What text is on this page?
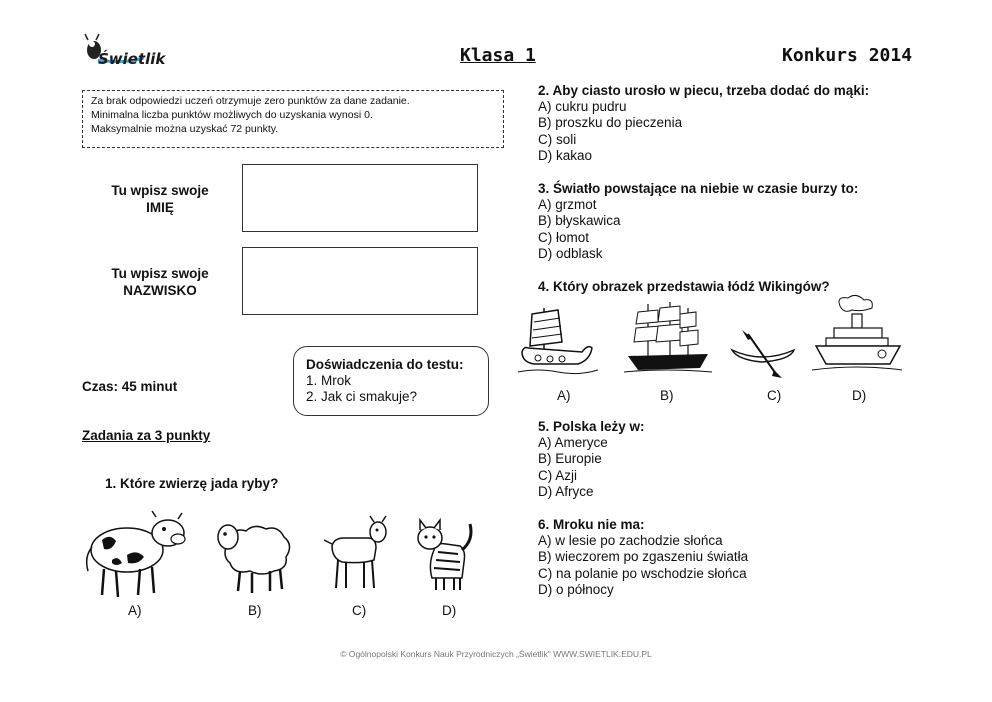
Świetlik	Klasa 1	Konkurs 2014
Za brak odpowiedzi uczeń otrzymuje zero punktów za dane zadanie.
Minimalna liczba punktów możliwych do uzyskania wynosi 0.
Maksymalnie można uzyskać 72 punkty.
Tu wpisz swoje
IMIĘ
Tu wpisz swoje
NAZWISKO
Doświadczenia do testu:
1. Mrok
2. Jak ci smakuje?
Czas: 45 minut
Zadania za 3 punkty
1. Które zwierzę jada ryby?
A)	B)	C)	D)
2. Aby ciasto urosło w piecu, trzeba dodać do mąki:
A) cukru pudru
B) proszku do pieczenia
C) soli
D) kakao
3. Światło powstające na niebie w czasie burzy to:
A) grzmot
B) błyskawica
C) łomot
D) odblask
4. Który obrazek przedstawia łódź Wikingów?
A)	B)	C)	D)
5. Polska leży w:
A) Ameryce
B) Europie
C) Azji
D) Afryce
6. Mroku nie ma:
A) w lesie po zachodzie słońca
B) wieczorem po zgaszeniu światła
C) na polanie po wschodzie słońca
D) o północy
© Ogólnopolski Konkurs Nauk Przyrodniczych „Świetlik" WWW.SWIETLIK.EDU.PL
